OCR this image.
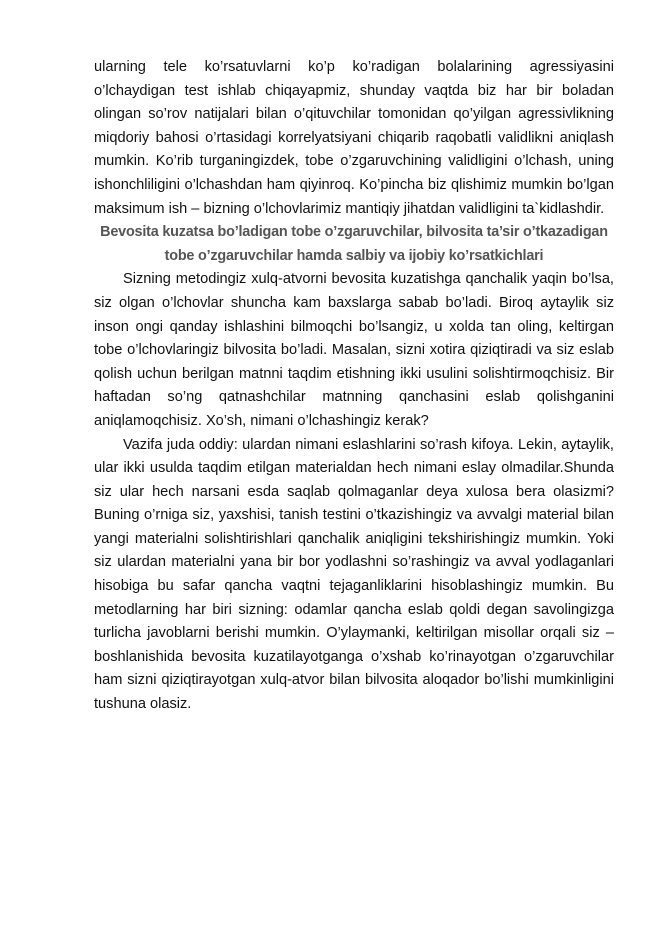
ularning tele ko’rsatuvlarni ko’p ko’radigan bolalarining agressiyasini o’lchaydigan test ishlab chiqayapmiz, shunday vaqtda biz har bir boladan olingan so’rov natijalari bilan o’qituvchilar tomonidan qo’yilgan agressivlikning miqdoriy bahosi o’rtasidagi korrelyatsiyani chiqarib raqobatli validlikni aniqlash mumkin. Ko’rib turganingizdek, tobe o’zgaruvchining validligini o’lchash, uning ishonchliligini o’lchashdan ham qiyinroq. Ko’pincha biz qlishimiz mumkin bo’lgan maksimum ish – bizning o’lchovlarimiz mantiqiy jihatdan validligini ta`kidlashdir.

Bevosita kuzatsa bo’ladigan tobe o’zgaruvchilar, bilvosita ta’sir o’tkazadigan tobe o’zgaruvchilar hamda salbiy va ijobiy ko’rsatkichlari

Sizning metodingiz xulq-atvorni bevosita kuzatishga qanchalik yaqin bo’lsa, siz olgan o’lchovlar shuncha kam baxslarga sabab bo’ladi. Biroq aytaylik siz inson ongi qanday ishlashini bilmoqchi bo’lsangiz, u xolda tan oling, keltirgan tobe o’lchovlaringiz bilvosita bo’ladi. Masalan, sizni xotira qiziqtiradi va siz eslab qolish uchun berilgan matnni taqdim etishning ikki usulini solishtirmoqchisiz. Bir haftadan so’ng qatnashchilar matnning qanchasini eslab qolishganini aniqlamoqchisiz. Xo’sh, nimani o’lchashingiz kerak?

Vazifa juda oddiy: ulardan nimani eslashlarini so’rash kifoya. Lekin, aytaylik, ular ikki usulda taqdim etilgan materialdan hech nimani eslay olmadilar.Shunda siz ular hech narsani esda saqlab qolmaganlar deya xulosa bera olasizmi? Buning o’rniga siz, yaxshisi, tanish testini o’tkazishingiz va avvalgi material bilan yangi materialni solishtirishlari qanchalik aniqligini tekshirishingiz mumkin. Yoki siz ulardan materialni yana bir bor yodlashni so’rashingiz va avval yodlaganlari hisobiga bu safar qancha vaqtni tejaganliklarini hisoblashingiz mumkin. Bu metodlarning har biri sizning: odamlar qancha eslab qoldi degan savolingizga turlicha javoblarni berishi mumkin. O’ylaymanki, keltirilgan misollar orqali siz – boshlanishida bevosita kuzatilayotganga o’xshab ko’rinayotgan o’zgaruvchilar ham sizni qiziqtirayotgan xulq-atvor bilan bilvosita aloqador bo’lishi mumkinligini tushuna olasiz.
